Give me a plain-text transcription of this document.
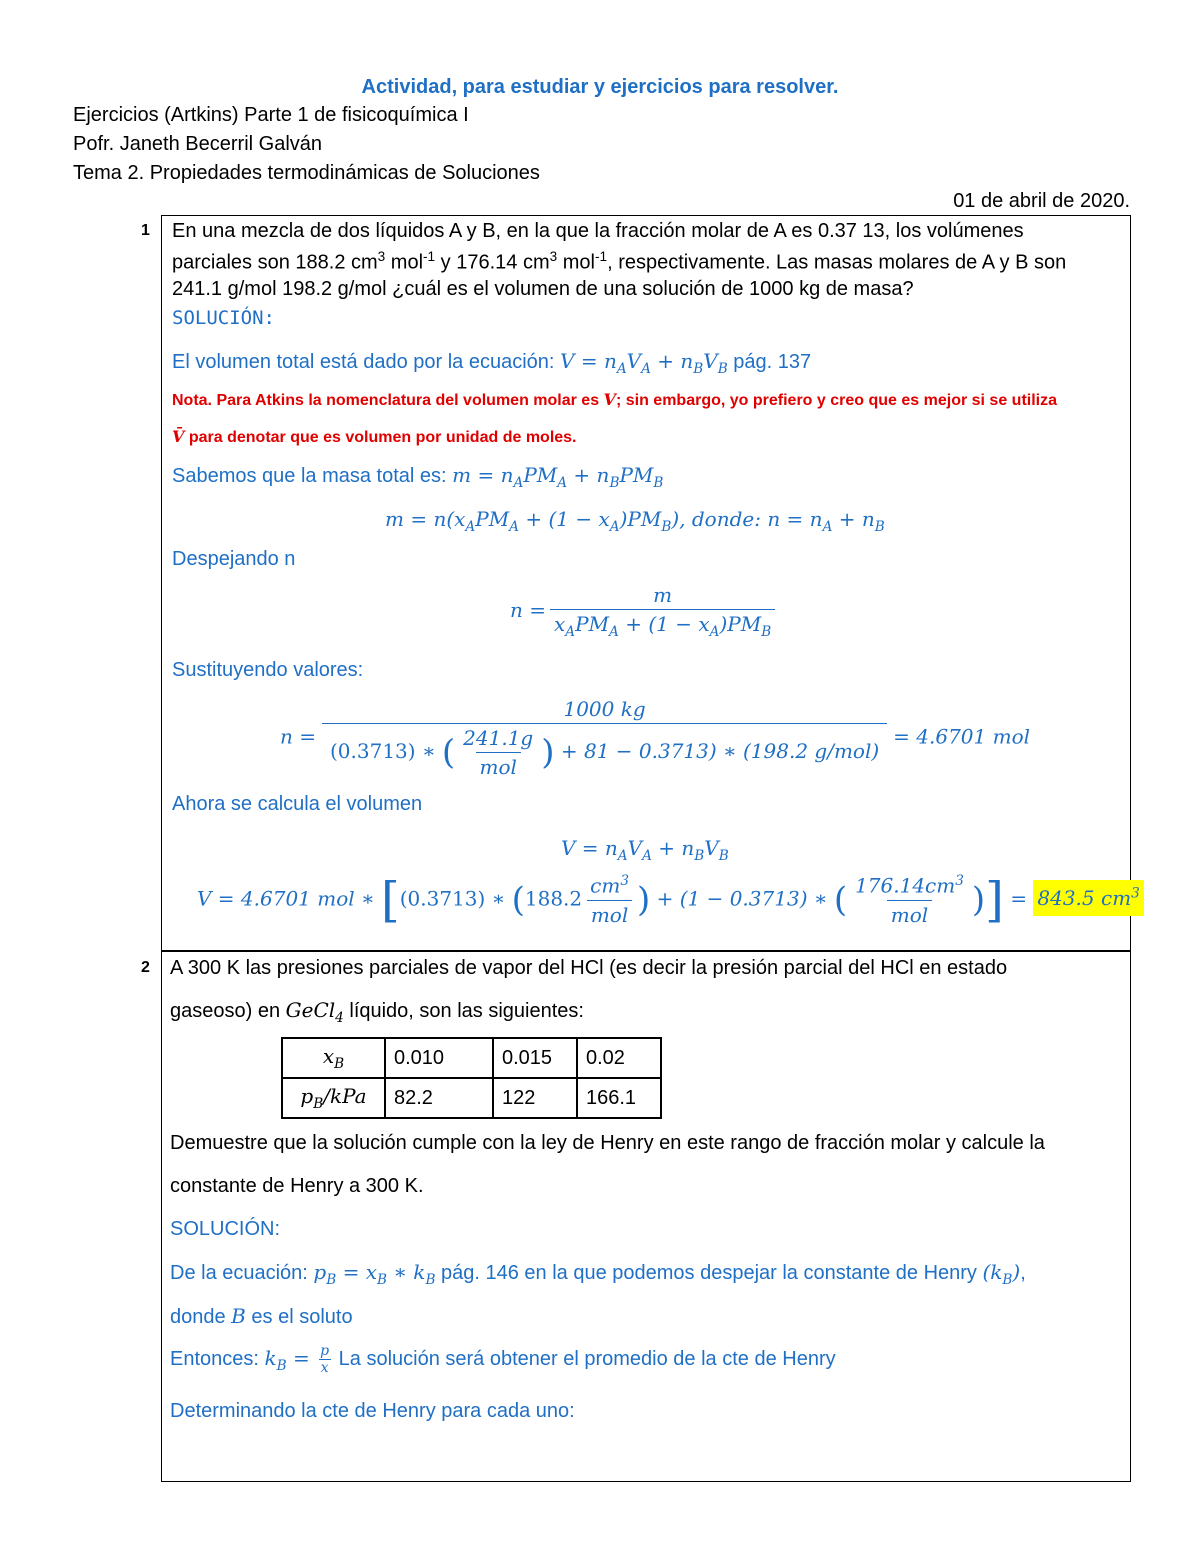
Actividad, para estudiar y ejercicios para resolver.
Ejercicios (Artkins) Parte 1 de fisicoquímica I
Pofr. Janeth Becerril Galván
Tema 2. Propiedades termodinámicas de Soluciones
01 de abril de 2020.
1 En una mezcla de dos líquidos A y B, en la que la fracción molar de A es 0.37 13, los volúmenes
parciales son 188.2 $cm^3$ mol$^{-1}$ y 176.14 $cm^3$ mol$^{-1}$, respectivamente. Las masas molares de A y B son
241.1 g/mol 198.2 g/mol ¿cuál es el volumen de una solución de 1000 kg de masa?
SOLUCIÓN:
El volumen total está dado por la ecuación: $V = n_AV_A + n_BV_B$ pág. 137
Nota. Para Atkins la nomenclatura del volumen molar es V; sin embargo, yo prefiero y creo que es mejor si se utiliza
V̄ para denotar que es volumen por unidad de moles.
Sabemos que la masa total es: $m = n_APM_A + n_BPM_B$
$m = n(x_APM_A + (1 - x_A)PM_B)$, donde: $n = n_A + n_B$
Despejando n
$n = \frac{m}{x_APM_A + (1 - x_A)PM_B}$
Sustituyendo valores:
$n = \frac{1000 kg}{(0.3713) ∗ ( \frac{241.1g}{\text{mol}} ) + 81 - 0.3713) ∗ (198.2 g/mol)} = 4.6701$ mol
Ahora se calcula el volumen
$V = n_AV_A + n_BV_B$
V = 4.6701 mol ∗ [(0.3713) ∗ ($188.2 \frac{cm^3}{\text{mol}}$ ) + (1 − 0.3713) ∗ ( $\frac{176.14cm^3}{\text{mol}}$ )] = 843.5 $cm^3$
2 A 300 K las presiones parciales de vapor del HCl (es decir la presión parcial del HCl en estado
gaseoso) en GeCl$_4$ líquido, son las siguientes:
$x_B$	0.010	0.015	0.02
$p_B$/kPa	82.2	122	166.1
Demuestre que la solución cumple con la ley de Henry en este rango de fracción molar y calcule la
constante de Henry a 300 K.
SOLUCIÓN:
De la ecuación: $p_B = x_B$ ∗ $k_B$ pág. 146 en la que podemos despejar la constante de Henry $(k_B)$,
donde B es el soluto
Entonces: $k_B = \frac{p}{x}$ La solución será obtener el promedio de la cte de Henry
Determinando la cte de Henry para cada uno:
